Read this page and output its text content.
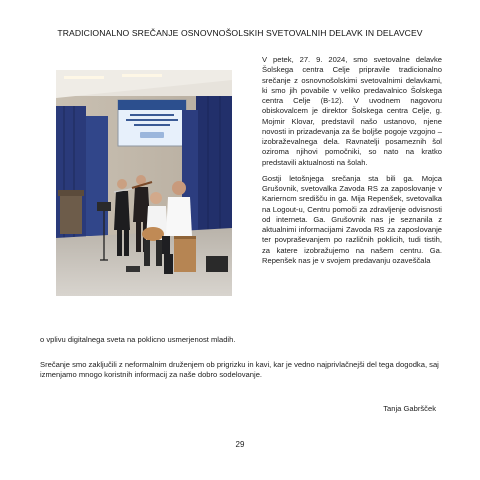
TRADICIONALNO SREČANJE OSNOVNOŠOLSKIH SVETOVALNIH DELAVK IN DELAVCEV

V petek, 27. 9. 2024, smo svetovalne delavke Šolskega centra Celje pripravile tradicionalno srečanje z osnovnošolskimi svetovalnimi delavkami, ki smo jih povabile v veliko predavalnico Šolskega centra Celje (B-12). V uvodnem nagovoru obiskovalcem je direktor Šolskega centra Celje, g. Mojmir Klovar, predstavil našo ustanovo, njene novosti in prizadevanja za še boljše pogoje vzgojno – izobraževalnega dela. Ravnatelji posameznih šol oziroma njihovi pomočniki, so nato na kratko predstavili aktualnosti na šolah.

Gostji letošnjega srečanja sta bili ga. Mojca Grušovnik, svetovalka Zavoda RS za zaposlovanje v Karierncm središču in ga. Mija Repenšek, svetovalka na Logout-u, Centru pomoči za zdravljenje odvisnosti od interneta. Ga. Grušovnik nas je seznanila z aktualnimi informacijami Zavoda RS za zaposlovanje ter povpraševanjem po različnih poklicih, tudi tistih, za katere izobražujemo na našem centru. Ga. Repenšek nas je v svojem predavanju ozaveščala

o vplivu digitalnega sveta na poklicno usmerjenost mladih.

Srečanje smo zaključili z neformalnim druženjem ob prigrizku in kavi, kar je vedno najprivlačnejši del tega dogodka, saj izmenjamo mnogo koristnih informacij za naše dobro sodelovanje.

Tanja Gabršček
29
